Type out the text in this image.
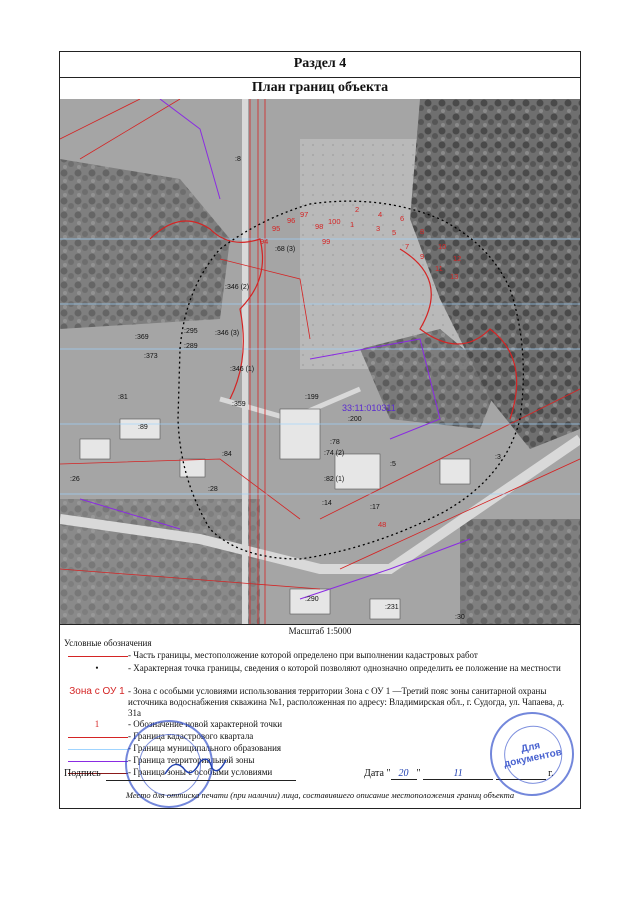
Раздел 4
План границ объекта
94
95
96
97
98
99
100 1
2
3
4
5
6
7
8
9
10
11
12
13
48
:8
:68 (3)
:346 (2)
:346 (3)
:346 (1)
:359
:295
:289
:369
:373
:81
:89
:84
:78
:74 (2)
:82 (1)
:14
:17
:5
:3
:290
:231
:30
:200
:199
:26
:28
33:11:010311
Масштаб 1:5000
Условные обозначения
- Часть границы, местоположение которой определено при выполнении кадастровых работ
•	- Характерная точка границы, сведения о которой позволяют однозначно определить ее положение на местности
Зона с ОУ 1 - Зона с особыми условиями использования территории Зона с ОУ 1 —Третий пояс зоны санитарной охраны источника водоснабжения скважина №1, расположенная по адресу: Владимирская обл., г. Судогда, ул. Чапаева, д. 31а
1	- Обозначение новой характерной точки
- Граница кадастрового квартала
- Граница муниципального образования
- Граница территориальной зоны
- Граница зоны с особыми условиями
Подпись	Дата " 20 "	11	г.
Для документов
Место для оттиска печати (при наличии) лица, составившего описание местоположения границ объекта
